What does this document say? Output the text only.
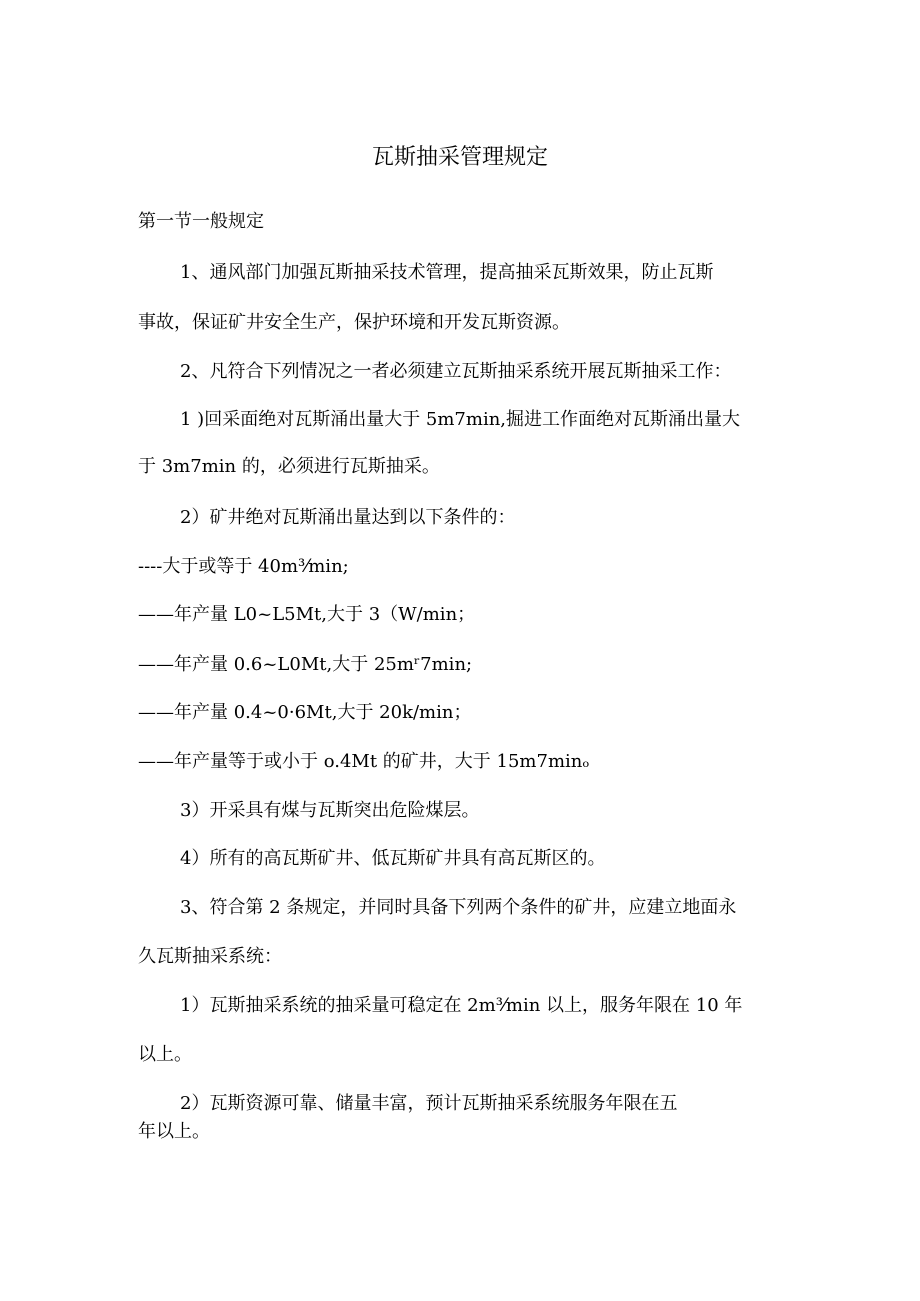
瓦斯抽采管理规定
第一节一般规定
1、通风部门加强瓦斯抽采技术管理，提高抽采瓦斯效果，防止瓦斯
事故，保证矿井安全生产，保护环境和开发瓦斯资源。
2、凡符合下列情况之一者必须建立瓦斯抽采系统开展瓦斯抽采工作：
1 )回采面绝对瓦斯涌出量大于 5m7min,掘进工作面绝对瓦斯涌出量大
于 3m7min 的，必须进行瓦斯抽采。
2）矿井绝对瓦斯涌出量达到以下条件的：
----大于或等于 40m³⁄min;
——年产量 L0~L5Mt,大于 3（W/min；
——年产量 0.6~L0Mt,大于 25mʳ7min;
——年产量 0.4~0·6Mt,大于 20k/min；
——年产量等于或小于 o.4Mt 的矿井，大于 15m7minₒ
3）开采具有煤与瓦斯突出危险煤层。
4）所有的高瓦斯矿井、低瓦斯矿井具有高瓦斯区的。
3、符合第 2 条规定，并同时具备下列两个条件的矿井，应建立地面永
久瓦斯抽采系统：
1）瓦斯抽采系统的抽采量可稳定在 2m³⁄min 以上，服务年限在 10 年
以上。
2）瓦斯资源可靠、储量丰富，预计瓦斯抽采系统服务年限在五
年以上。
